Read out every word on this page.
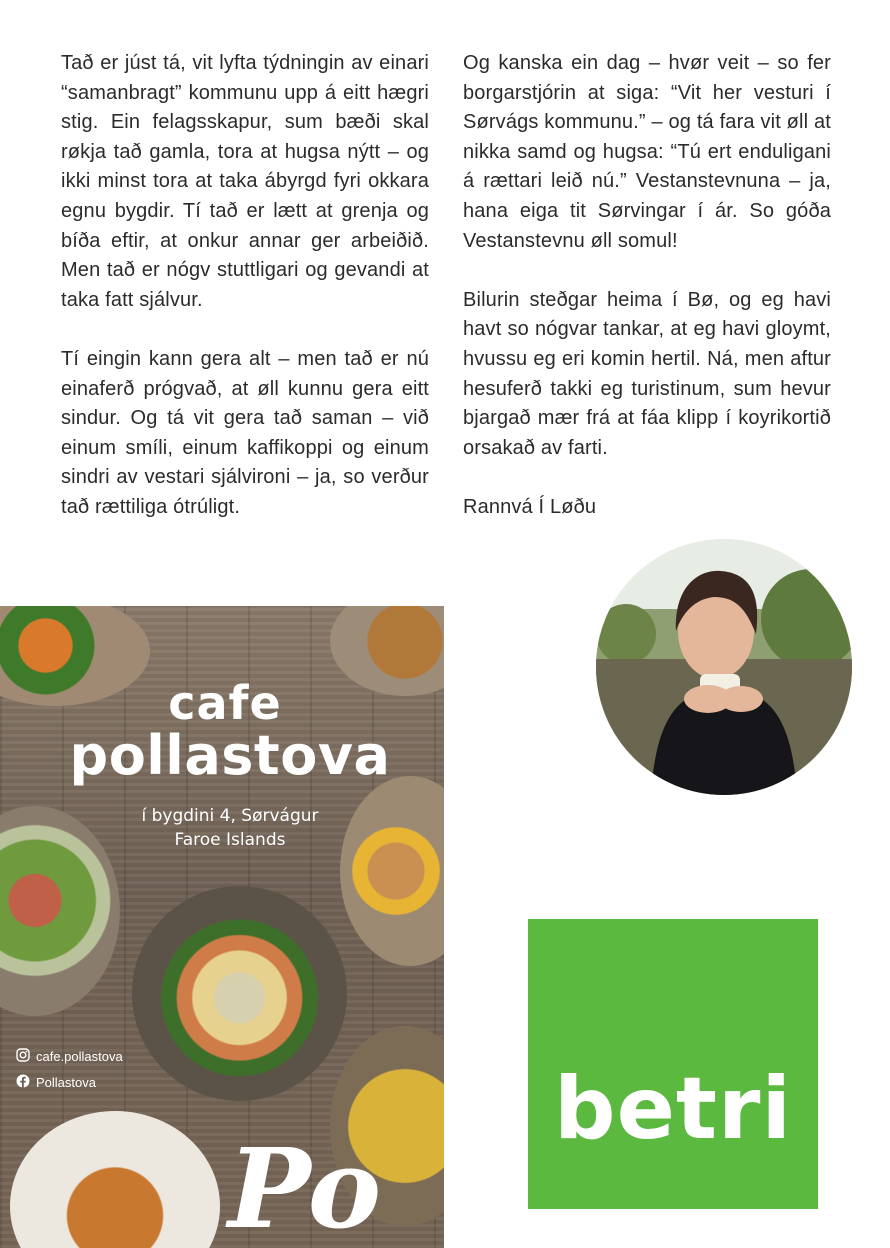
Tað er júst tá, vit lyfta týdningin av einari “samanbragt” kommunu upp á eitt hægri stig. Ein felagsskapur, sum bæði skal røkja tað gamla, tora at hugsa nýtt – og ikki minst tora at taka ábyrgd fyri okkara egnu bygdir. Tí tað er lætt at grenja og bíða eftir, at onkur annar ger arbeiðið. Men tað er nógv stuttligari og gevandi at taka fatt sjálvur.

Tí eingin kann gera alt – men tað er nú einaferð prógvað, at øll kunnu gera eitt sindur. Og tá vit gera tað saman – við einum smíli, einum kaffikoppi og einum sindri av vestari sjálvironi – ja, so verður tað rættiliga ótrúligt.

Og kanska ein dag – hvør veit – so fer borgarstjórin at siga: “Vit her vesturi í Sørvágs kommunu.” – og tá fara vit øll at nikka samd og hugsa: “Tú ert enduligani á rættari leið nú.” Vestanstevnuna – ja, hana eiga tit Sørvingar í ár. So góða Vestanstevnu øll somul!

Bilurin steðgar heima í Bø, og eg havi havt so nógvar tankar, at eg havi gloymt, hvussu eg eri komin hertil. Ná, men aftur hesuferð takki eg turistinum, sum hevur bjargað mær frá at fáa klipp í koyrikortið orsakað av farti.

Rannvá Í Løðu

cafe
pollastova
í bygdini 4, Sørvágur
Faroe Islands
cafe.pollastova
Pollastova
Po
betri
